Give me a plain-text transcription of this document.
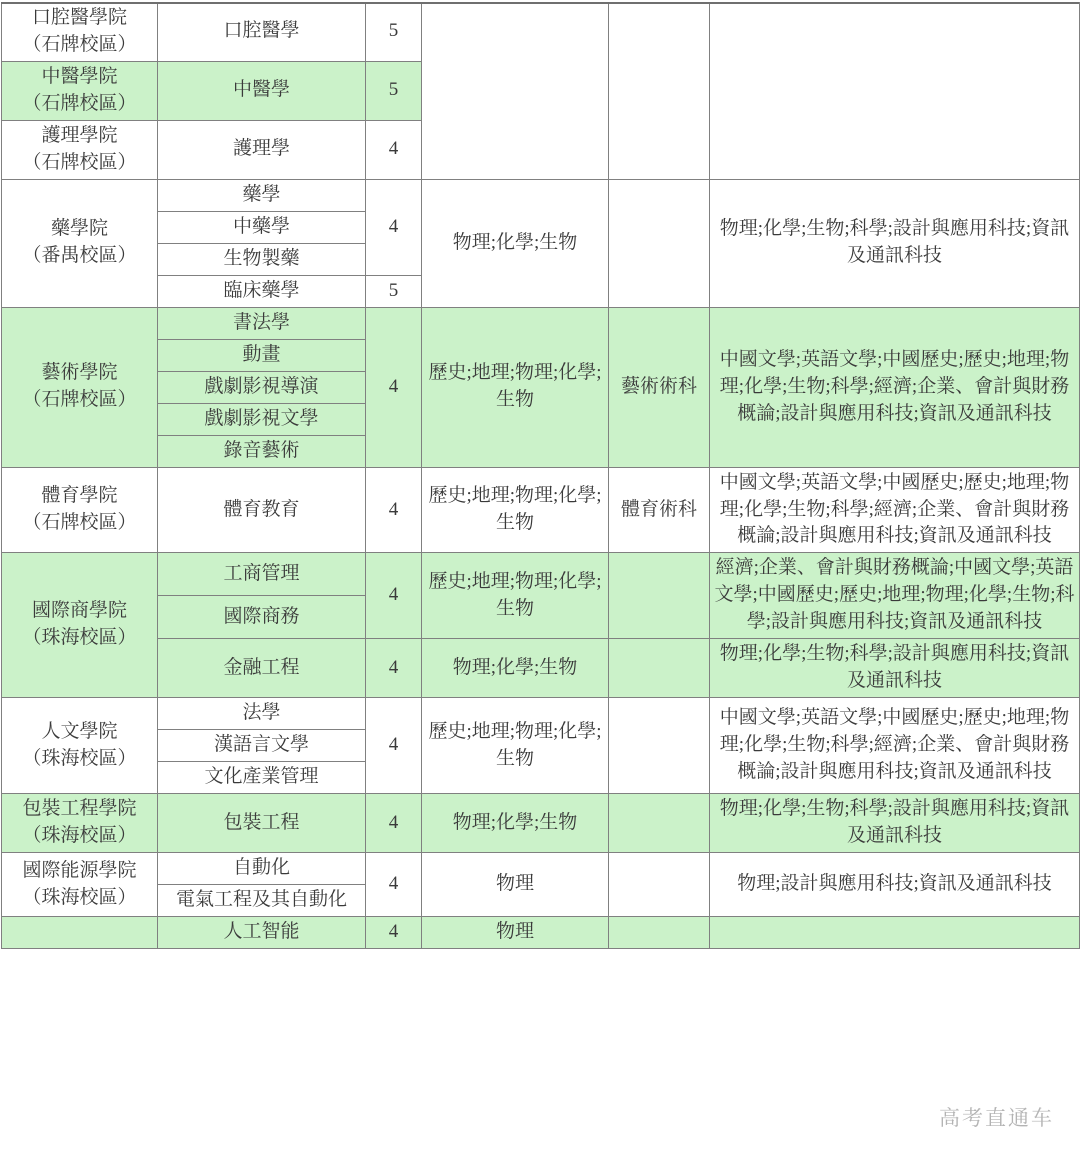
口腔醫學院
（石牌校區）	口腔醫學	5			
中醫學院
（石牌校區）	中醫學	5			
護理學院
（石牌校區）	護理學	4			
藥學院
（番禺校區）	藥學	4	物理;化學;生物		物理;化學;生物;科學;設計與應用科技;資訊及通訊科技
	中藥學				
	生物製藥				
	臨床藥學	5			
藝術學院
（石牌校區）	書法學	4	歷史;地理;物理;化學;生物	藝術術科	中國文學;英語文學;中國歷史;歷史;地理;物理;化學;生物;科學;經濟;企業、會計與財務概論;設計與應用科技;資訊及通訊科技
	動畫				
	戲劇影視導演				
	戲劇影視文學				
	錄音藝術				
體育學院
（石牌校區）	體育教育	4	歷史;地理;物理;化學;生物	體育術科	中國文學;英語文學;中國歷史;歷史;地理;物理;化學;生物;科學;經濟;企業、會計與財務概論;設計與應用科技;資訊及通訊科技
國際商學院
（珠海校區）	工商管理	4	歷史;地理;物理;化學;生物		經濟;企業、會計與財務概論;中國文學;英語文學;中國歷史;歷史;地理;物理;化學;生物;科學;設計與應用科技;資訊及通訊科技
	國際商務				
	金融工程	4	物理;化學;生物		物理;化學;生物;科學;設計與應用科技;資訊及通訊科技
人文學院
（珠海校區）	法學	4	歷史;地理;物理;化學;生物		中國文學;英語文學;中國歷史;歷史;地理;物理;化學;生物;科學;經濟;企業、會計與財務概論;設計與應用科技;資訊及通訊科技
	漢語言文學				
	文化產業管理				
包裝工程學院
（珠海校區）	包裝工程	4	物理;化學;生物		物理;化學;生物;科學;設計與應用科技;資訊及通訊科技
國際能源學院
（珠海校區）	自動化	4	物理		物理;設計與應用科技;資訊及通訊科技
	電氣工程及其自動化				
	人工智能	4	物理		
高考直通车
